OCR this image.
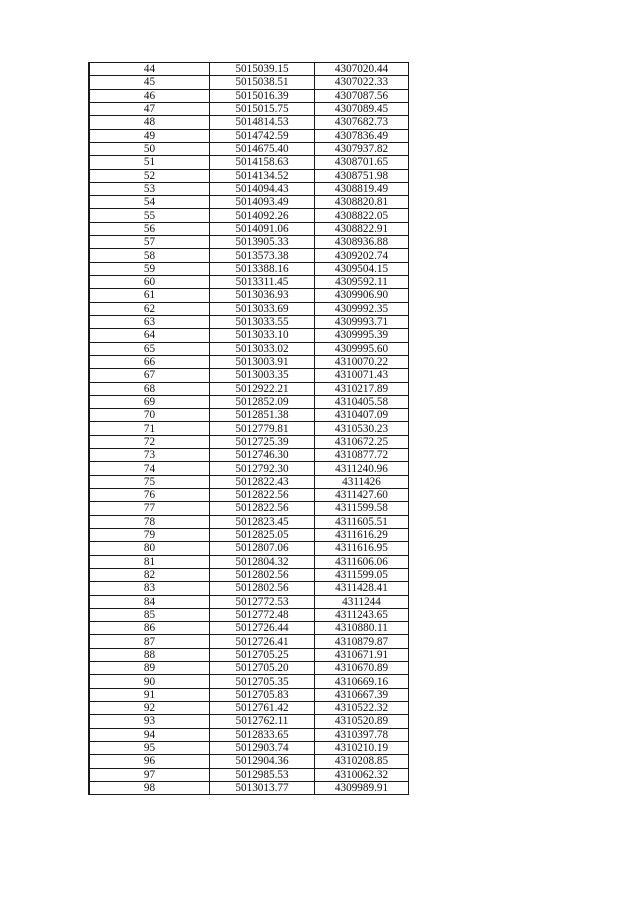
44	5015039.15	4307020.44
45	5015038.51	4307022.33
46	5015016.39	4307087.56
47	5015015.75	4307089.45
48	5014814.53	4307682.73
49	5014742.59	4307836.49
50	5014675.40	4307937.82
51	5014158.63	4308701.65
52	5014134.52	4308751.98
53	5014094.43	4308819.49
54	5014093.49	4308820.81
55	5014092.26	4308822.05
56	5014091.06	4308822.91
57	5013905.33	4308936.88
58	5013573.38	4309202.74
59	5013388.16	4309504.15
60	5013311.45	4309592.11
61	5013036.93	4309906.90
62	5013033.69	4309992.35
63	5013033.55	4309993.71
64	5013033.10	4309995.39
65	5013033.02	4309995.60
66	5013003.91	4310070.22
67	5013003.35	4310071.43
68	5012922.21	4310217.89
69	5012852.09	4310405.58
70	5012851.38	4310407.09
71	5012779.81	4310530.23
72	5012725.39	4310672.25
73	5012746.30	4310877.72
74	5012792.30	4311240.96
75	5012822.43	4311426
76	5012822.56	4311427.60
77	5012822.56	4311599.58
78	5012823.45	4311605.51
79	5012825.05	4311616.29
80	5012807.06	4311616.95
81	5012804.32	4311606.06
82	5012802.56	4311599.05
83	5012802.56	4311428.41
84	5012772.53	4311244
85	5012772.48	4311243.65
86	5012726.44	4310880.11
87	5012726.41	4310879.87
88	5012705.25	4310671.91
89	5012705.20	4310670.89
90	5012705.35	4310669.16
91	5012705.83	4310667.39
92	5012761.42	4310522.32
93	5012762.11	4310520.89
94	5012833.65	4310397.78
95	5012903.74	4310210.19
96	5012904.36	4310208.85
97	5012985.53	4310062.32
98	5013013.77	4309989.91
